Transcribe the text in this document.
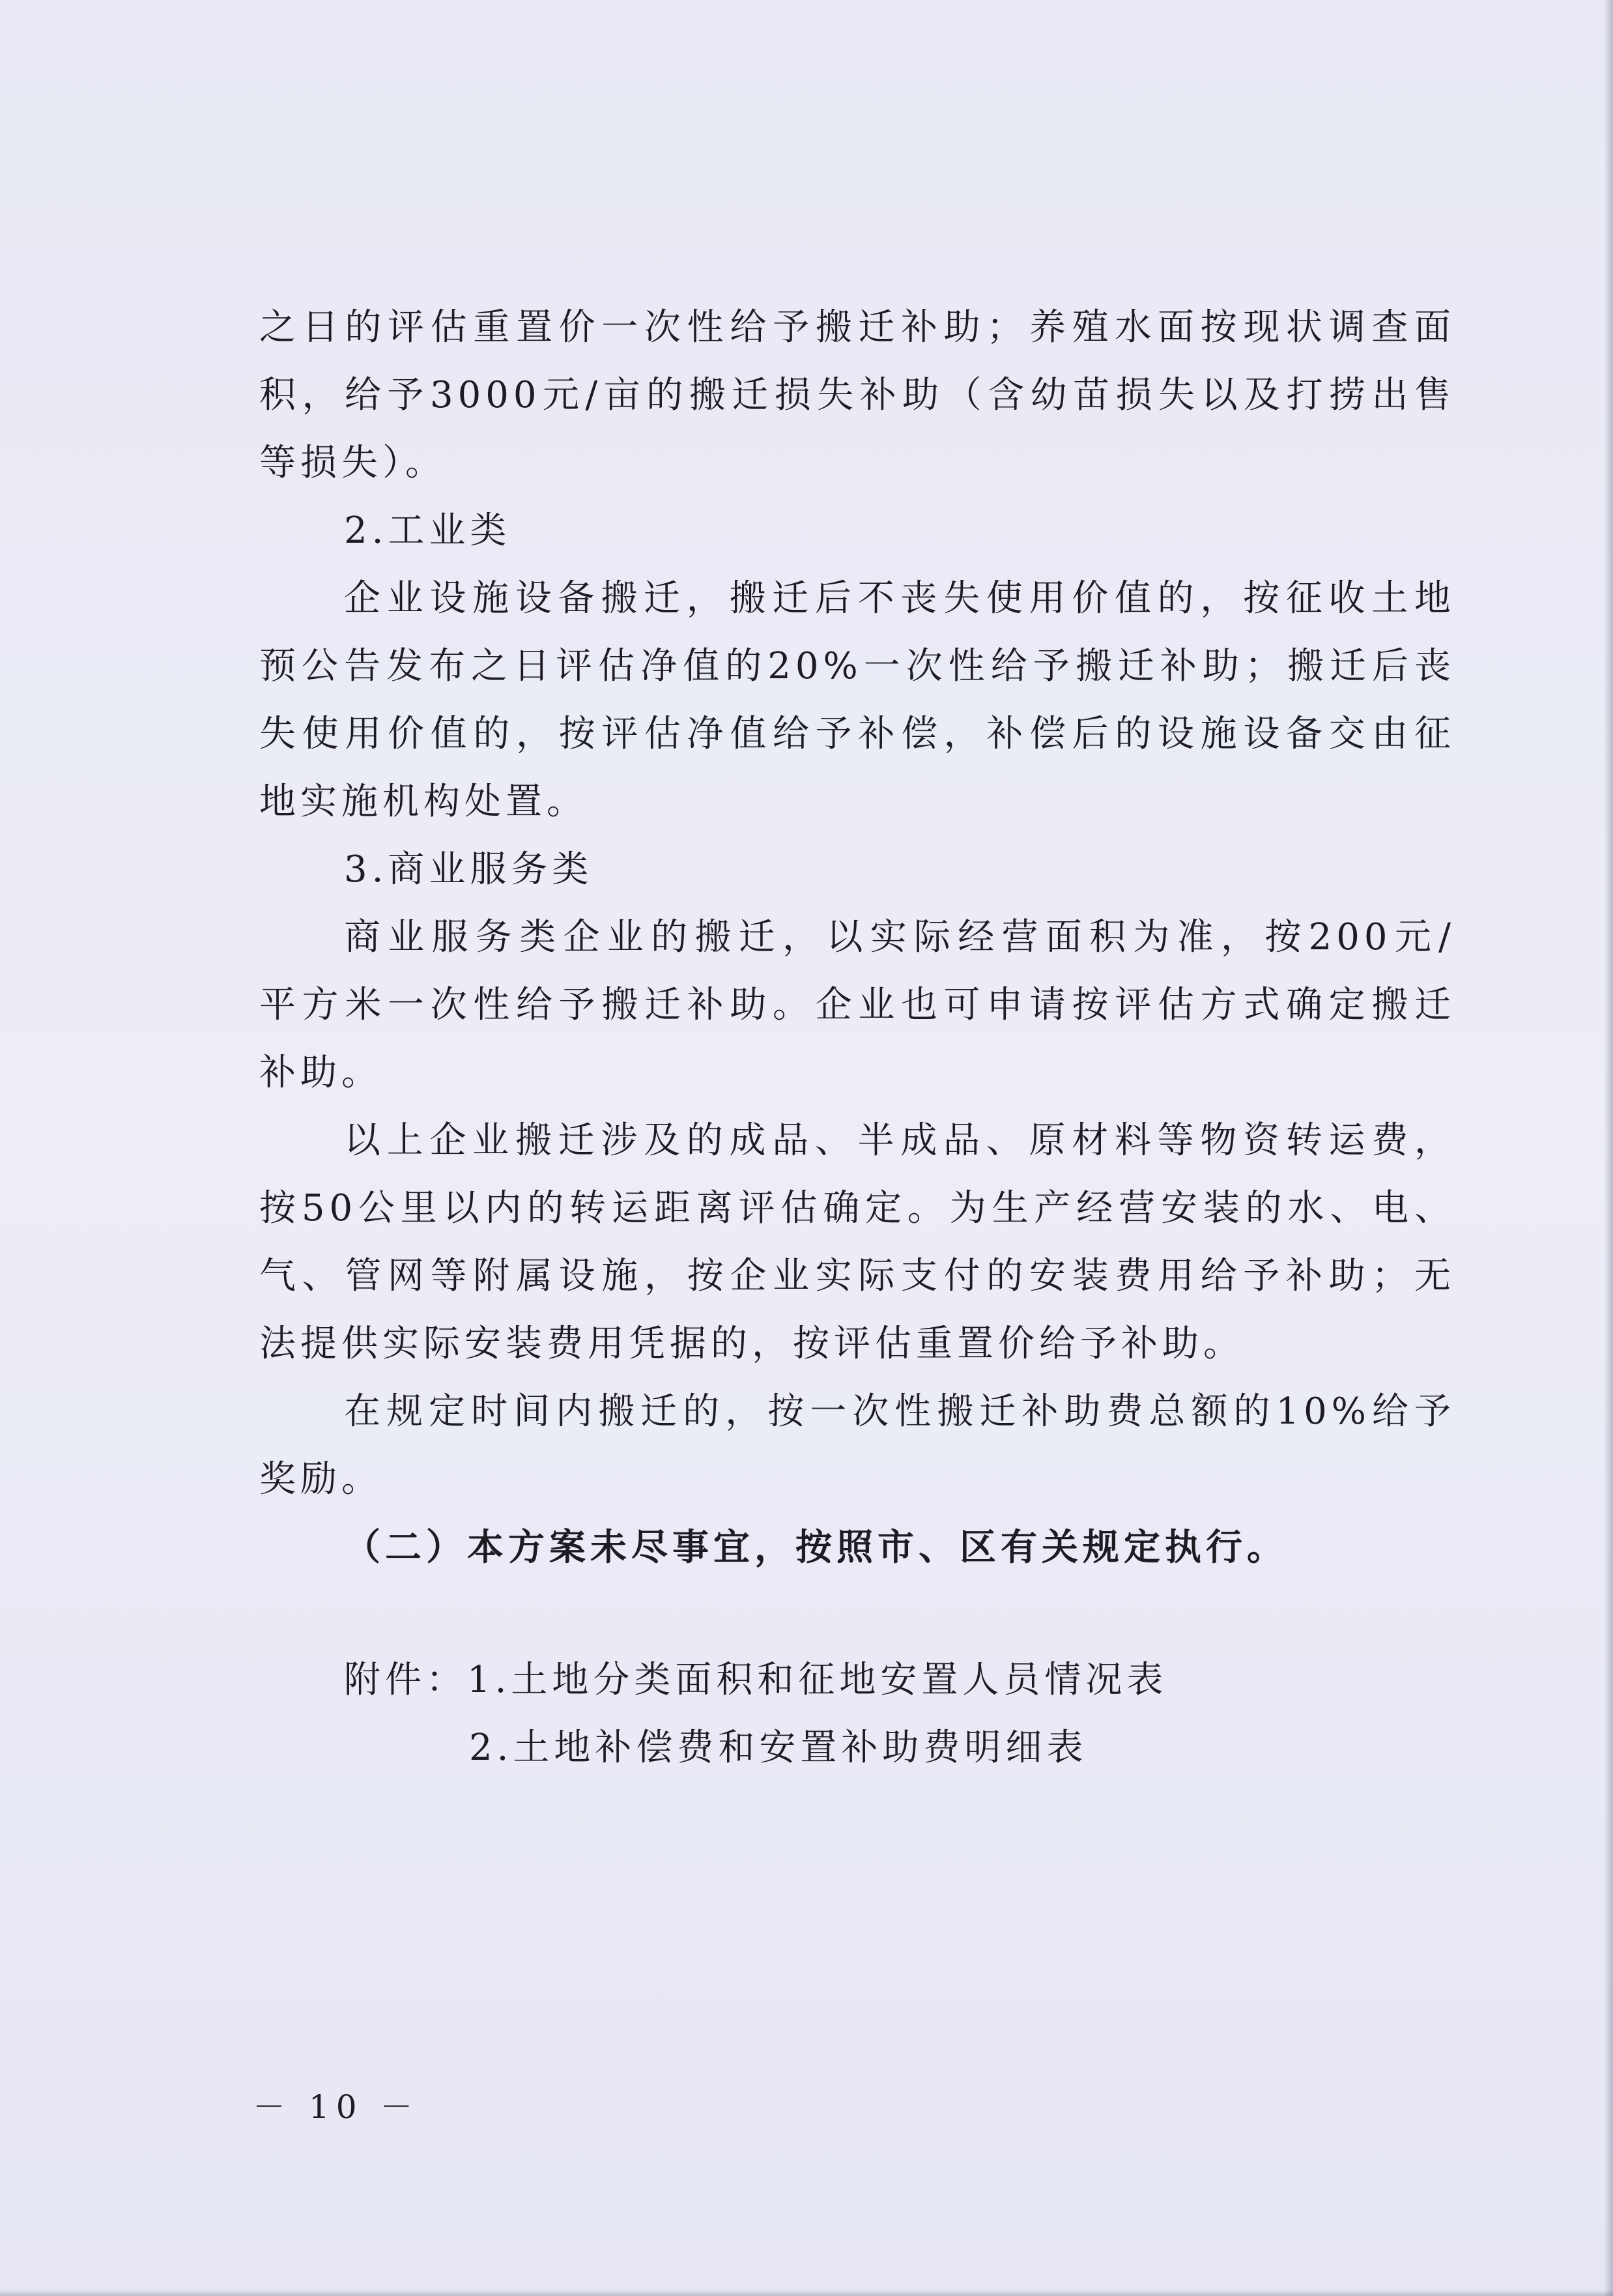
之日的评估重置价一次性给予搬迁补助；养殖水面按现状调查面
积，给予3000元/亩的搬迁损失补助（含幼苗损失以及打捞出售
等损失）。
2.工业类
企业设施设备搬迁，搬迁后不丧失使用价值的，按征收土地
预公告发布之日评估净值的20%一次性给予搬迁补助；搬迁后丧
失使用价值的，按评估净值给予补偿，补偿后的设施设备交由征
地实施机构处置。
3.商业服务类
商业服务类企业的搬迁，以实际经营面积为准，按200元/
平方米一次性给予搬迁补助。企业也可申请按评估方式确定搬迁
补助。
以上企业搬迁涉及的成品、半成品、原材料等物资转运费，
按50公里以内的转运距离评估确定。为生产经营安装的水、电、
气、管网等附属设施，按企业实际支付的安装费用给予补助；无
法提供实际安装费用凭据的，按评估重置价给予补助。
在规定时间内搬迁的，按一次性搬迁补助费总额的10%给予
奖励。
（二）本方案未尽事宜，按照市、区有关规定执行。
附件：1.土地分类面积和征地安置人员情况表
2.土地补偿费和安置补助费明细表
－ 10 －
